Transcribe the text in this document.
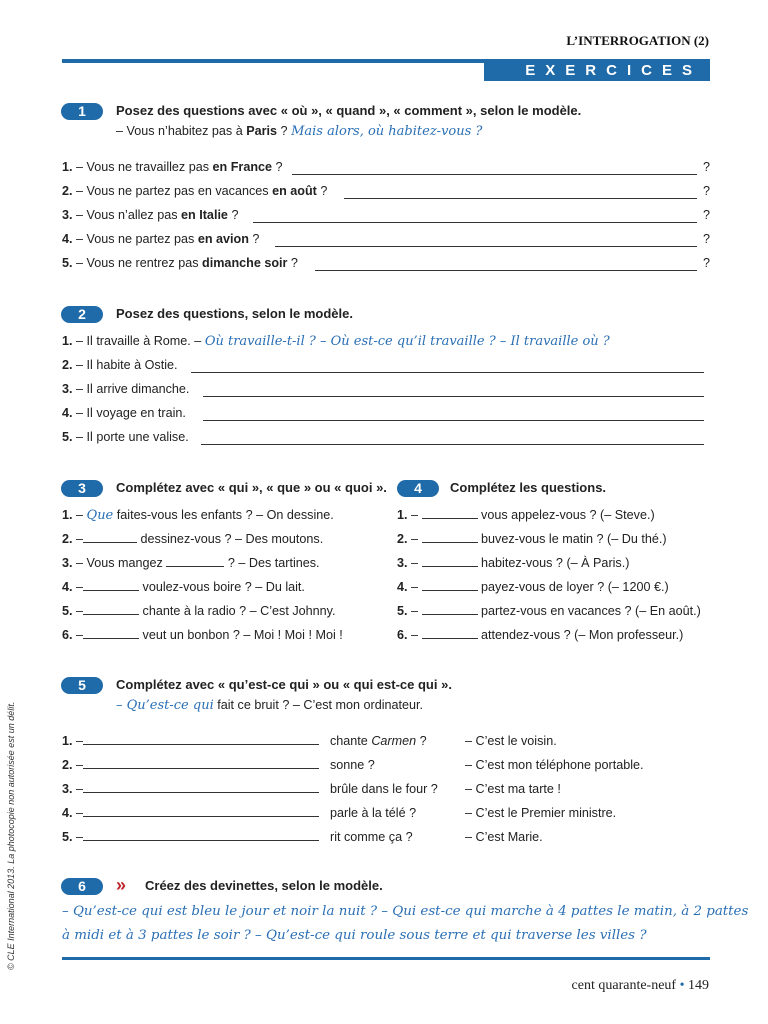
L’INTERROGATION (2)
EXERCICES
1	Posez des questions avec « où », « quand », « comment », selon le modèle.
– Vous n’habitez pas à Paris ? Mais alors, où habitez-vous ?
1. – Vous ne travaillez pas en France ?	?
2. – Vous ne partez pas en vacances en août ?	?
3. – Vous n’allez pas en Italie ?	?
4. – Vous ne partez pas en avion ?	?
5. – Vous ne rentrez pas dimanche soir ?	?
2	Posez des questions, selon le modèle.
1. – Il travaille à Rome. – Où travaille-t-il ? – Où est-ce qu’il travaille ? – Il travaille où ?
2. – Il habite à Ostie.
3. – Il arrive dimanche.
4. – Il voyage en train.
5. – Il porte une valise.
3	Complétez avec « qui », « que » ou « quoi ».
1. – Que faites-vous les enfants ? – On dessine.
2. –	dessinez-vous ? – Des moutons.
3. – Vous mangez	? – Des tartines.
4. –	voulez-vous boire ? – Du lait.
5. –	chante à la radio ? – C’est Johnny.
6. –	veut un bonbon ? – Moi ! Moi ! Moi !
4	Complétez les questions.
1. –	vous appelez-vous ? (– Steve.)
2. –	buvez-vous le matin ? (– Du thé.)
3. –	habitez-vous ? (– À Paris.)
4. –	payez-vous de loyer ? (– 1200 €.)
5. –	partez-vous en vacances ? (– En août.)
6. –	attendez-vous ? (– Mon professeur.)
5	Complétez avec « qu’est-ce qui » ou « qui est-ce qui ».
– Qu’est-ce qui fait ce bruit ? – C’est mon ordinateur.
1. –	chante Carmen ?	– C’est le voisin.
2. –	sonne ?	– C’est mon téléphone portable.
3. –	brûle dans le four ? – C’est ma tarte !
4. –	parle à la télé ?	– C’est le Premier ministre.
5. –	rit comme ça ?	– C’est Marie.
6	» Créez des devinettes, selon le modèle.
– Qu’est-ce qui est bleu le jour et noir la nuit ? – Qui est-ce qui marche à 4 pattes le matin, à 2 pattes
à midi et à 3 pattes le soir ? – Qu’est-ce qui roule sous terre et qui traverse les villes ?
cent quarante-neuf • 149
© CLE International 2013. La photocopie non autorisée est un délit.
